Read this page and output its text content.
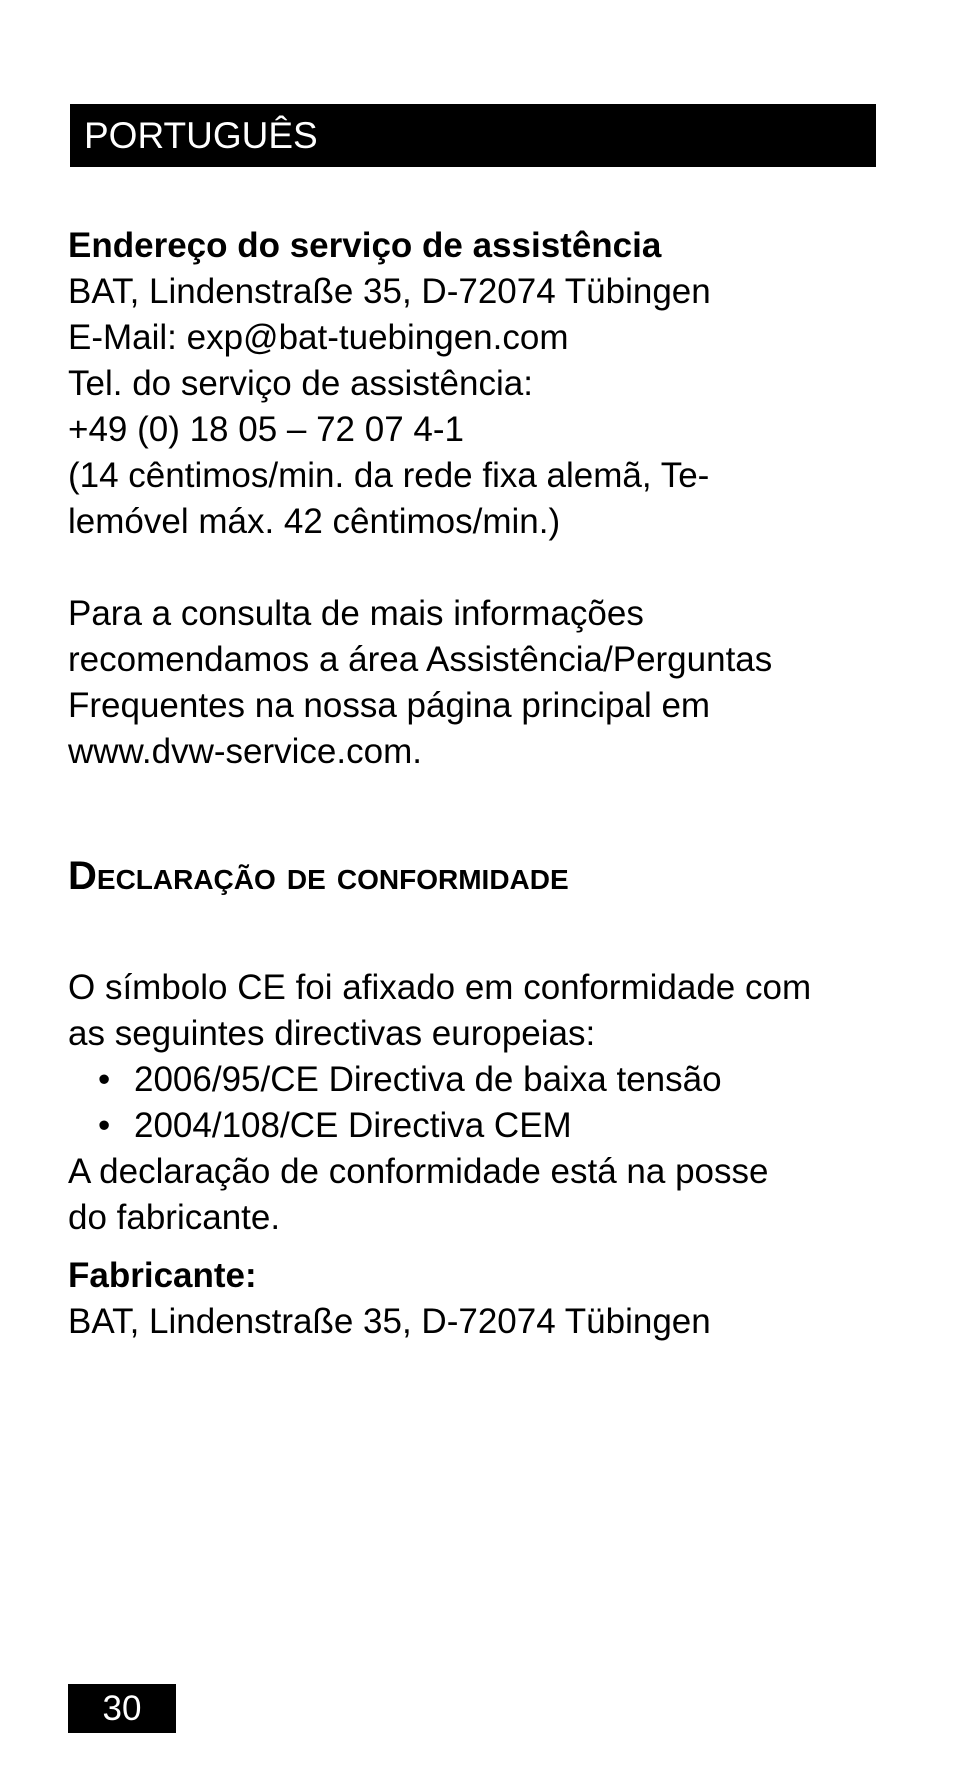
PORTUGUÊS
Endereço do serviço de assistência
BAT, Lindenstraße 35, D-72074 Tübingen
E-Mail: exp@bat-tuebingen.com
Tel. do serviço de assistência:
+49 (0) 18 05 – 72 07 4-1
(14 cêntimos/min. da rede fixa alemã, Te-
lemóvel máx. 42 cêntimos/min.)
Para a consulta de mais informações
recomendamos a área Assistência/Perguntas
Frequentes na nossa página principal em
www.dvw-service.com.
Declaração de conformidade
O símbolo CE foi afixado em conformidade com
as seguintes directivas europeias:
• 2006/95/CE Directiva de baixa tensão
• 2004/108/CE Directiva CEM
A declaração de conformidade está na posse
do fabricante.
Fabricante:
BAT, Lindenstraße 35, D-72074 Tübingen
30
